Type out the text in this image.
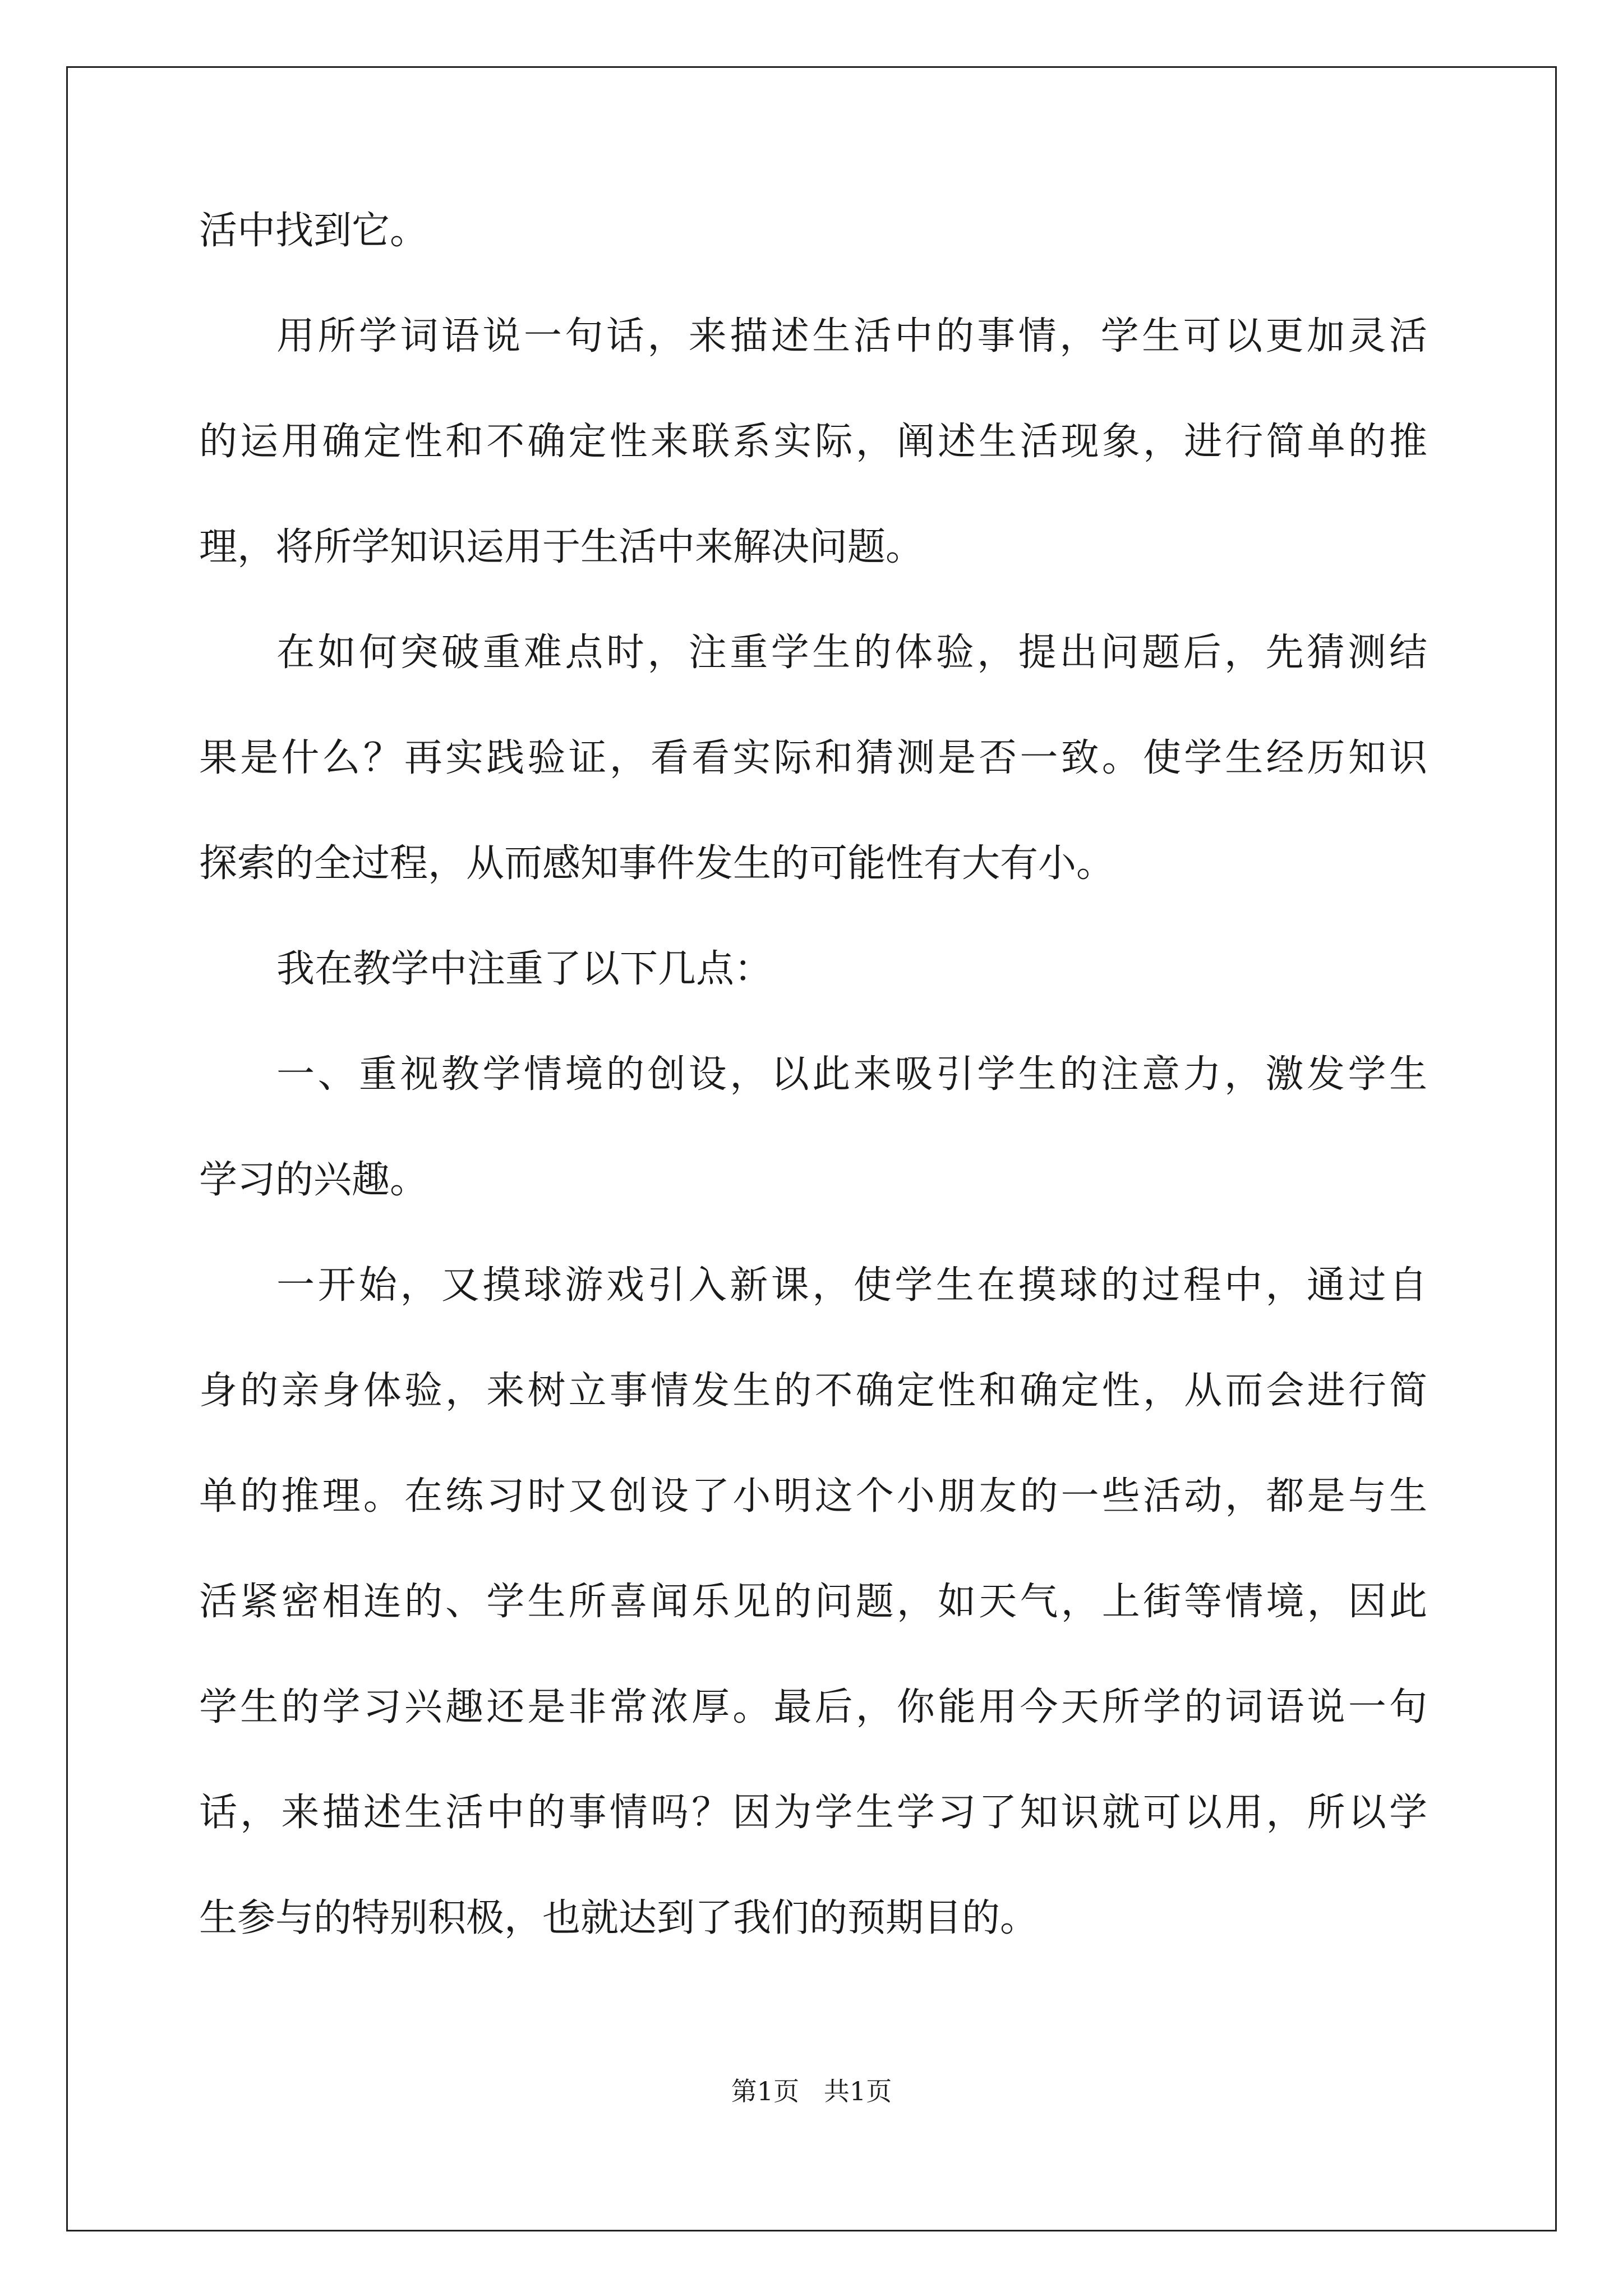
活中找到它。
用所学词语说一句话，来描述生活中的事情，学生可以更加灵活
的运用确定性和不确定性来联系实际，阐述生活现象，进行简单的推
理，将所学知识运用于生活中来解决问题。
在如何突破重难点时，注重学生的体验，提出问题后，先猜测结
果是什么？再实践验证，看看实际和猜测是否一致。使学生经历知识
探索的全过程，从而感知事件发生的可能性有大有小。
我在教学中注重了以下几点：
一、重视教学情境的创设，以此来吸引学生的注意力，激发学生
学习的兴趣。
一开始，又摸球游戏引入新课，使学生在摸球的过程中，通过自
身的亲身体验，来树立事情发生的不确定性和确定性，从而会进行简
单的推理。在练习时又创设了小明这个小朋友的一些活动，都是与生
活紧密相连的、学生所喜闻乐见的问题，如天气，上街等情境，因此
学生的学习兴趣还是非常浓厚。最后，你能用今天所学的词语说一句
话，来描述生活中的事情吗？因为学生学习了知识就可以用，所以学
生参与的特别积极，也就达到了我们的预期目的。
第1页   共1页
